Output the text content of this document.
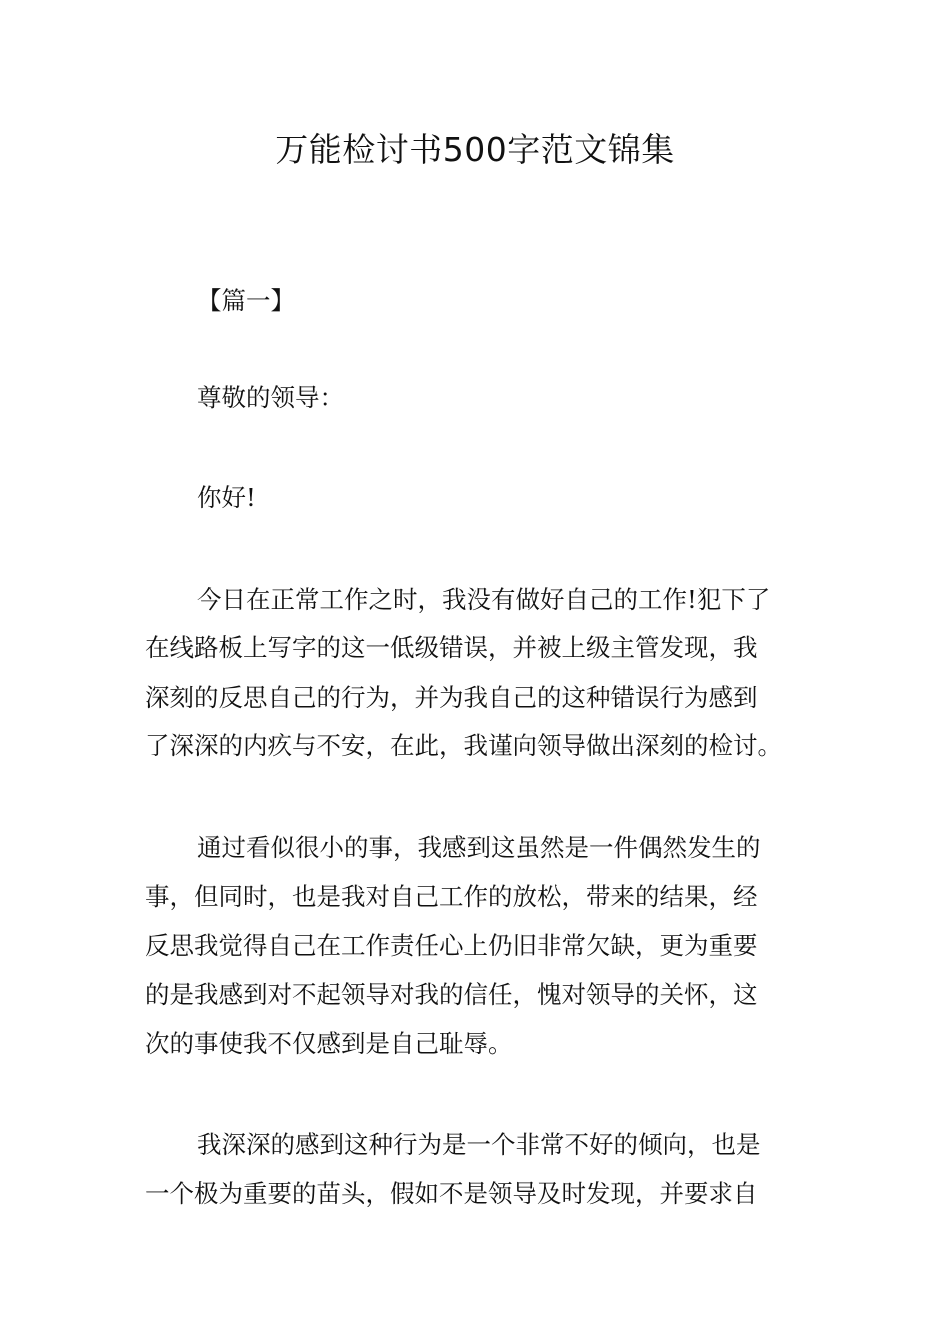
万能检讨书500字范文锦集

【篇一】

尊敬的领导：

你好!

今日在正常工作之时，我没有做好自己的工作!犯下了

在线路板上写字的这一低级错误，并被上级主管发现，我

深刻的反思自己的行为，并为我自己的这种错误行为感到

了深深的内疚与不安，在此，我谨向领导做出深刻的检讨。

通过看似很小的事，我感到这虽然是一件偶然发生的

事，但同时，也是我对自己工作的放松，带来的结果，经

反思我觉得自己在工作责任心上仍旧非常欠缺，更为重要

的是我感到对不起领导对我的信任，愧对领导的关怀，这

次的事使我不仅感到是自己耻辱。

我深深的感到这种行为是一个非常不好的倾向，也是

一个极为重要的苗头，假如不是领导及时发现，并要求自
